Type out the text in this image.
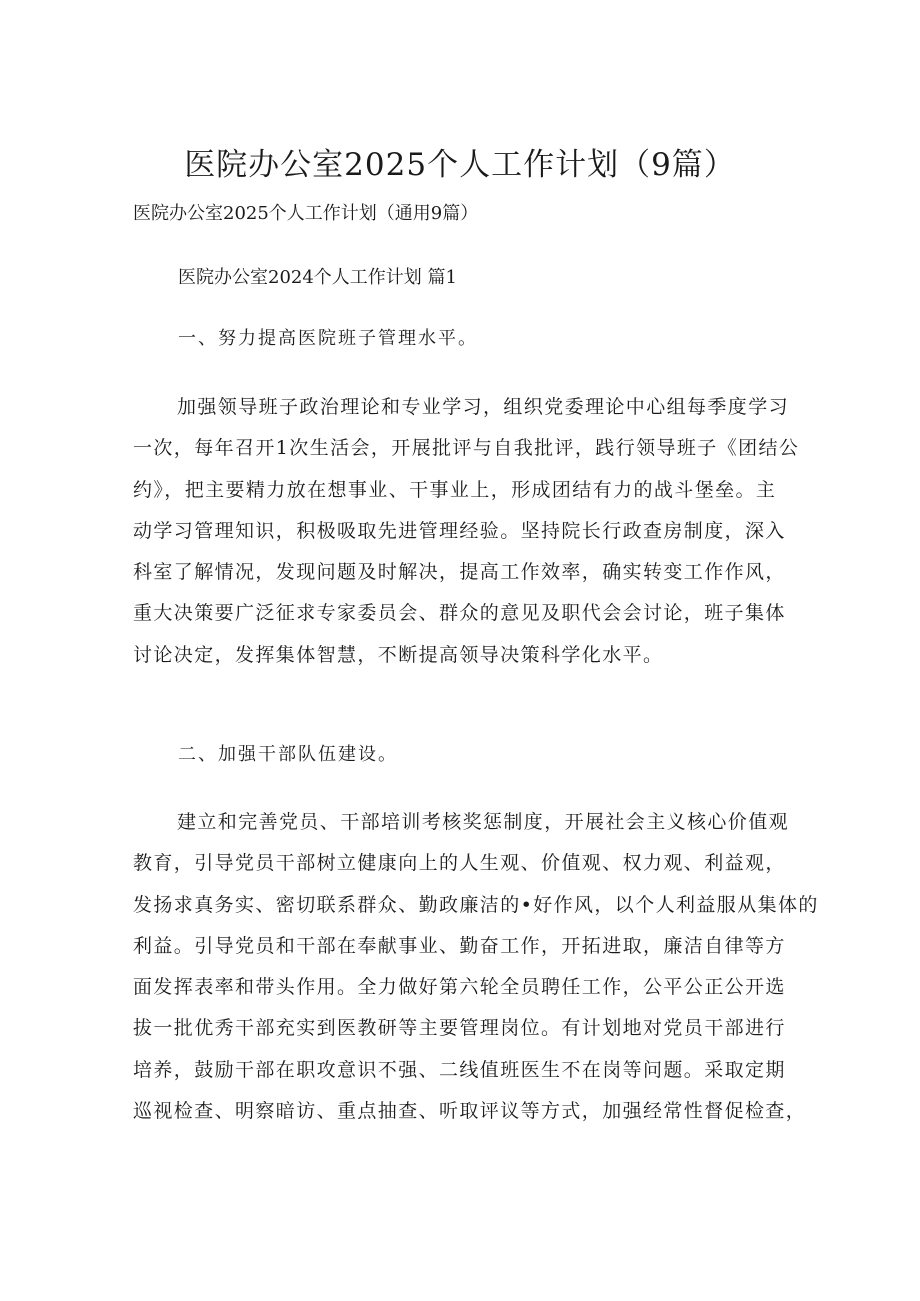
医院办公室2025个人工作计划（9篇）
医院办公室2025个人工作计划（通用9篇）
医院办公室2024个人工作计划 篇1
一、努力提高医院班子管理水平。
加强领导班子政治理论和专业学习，组织党委理论中心组每季度学习
一次，每年召开1次生活会，开展批评与自我批评，践行领导班子《团结公
约》，把主要精力放在想事业、干事业上，形成团结有力的战斗堡垒。主
动学习管理知识，积极吸取先进管理经验。坚持院长行政查房制度，深入
科室了解情况，发现问题及时解决，提高工作效率，确实转变工作作风，
重大决策要广泛征求专家委员会、群众的意见及职代会会讨论，班子集体
讨论决定，发挥集体智慧，不断提高领导决策科学化水平。
二、加强干部队伍建设。
建立和完善党员、干部培训考核奖惩制度，开展社会主义核心价值观
教育，引导党员干部树立健康向上的人生观、价值观、权力观、利益观，
发扬求真务实、密切联系群众、勤政廉洁的•好作风，以个人利益服从集体的
利益。引导党员和干部在奉献事业、勤奋工作，开拓进取，廉洁自律等方
面发挥表率和带头作用。全力做好第六轮全员聘任工作，公平公正公开选
拔一批优秀干部充实到医教研等主要管理岗位。有计划地对党员干部进行
培养，鼓励干部在职攻意识不强、二线值班医生不在岗等问题。采取定期
巡视检查、明察暗访、重点抽查、听取评议等方式，加强经常性督促检查，
